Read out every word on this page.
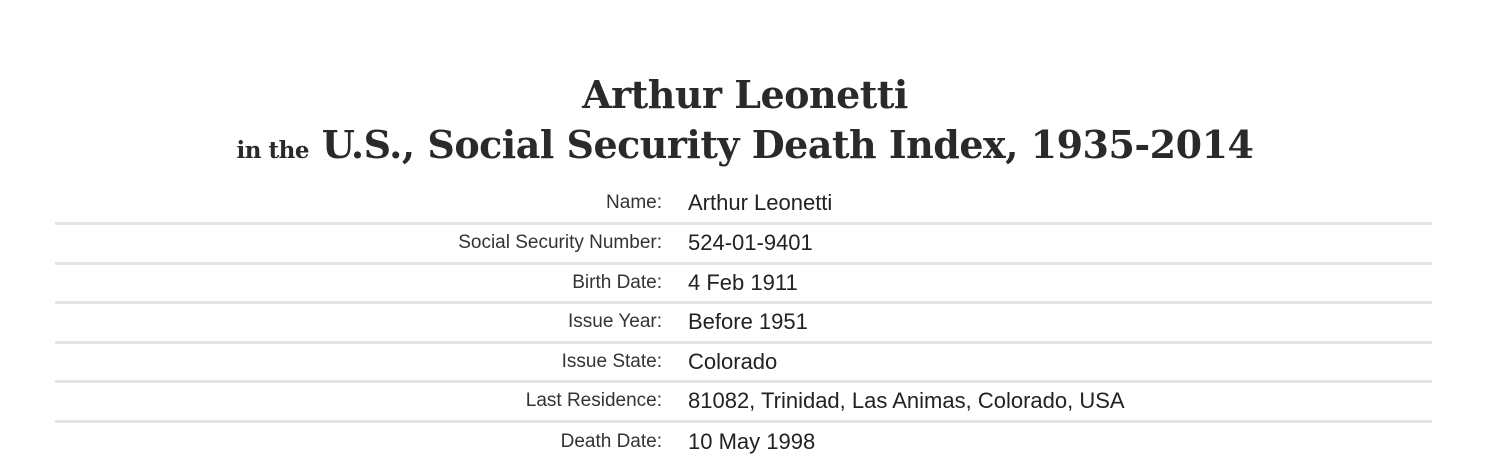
Arthur Leonetti
in the U.S., Social Security Death Index, 1935-2014
Name:	Arthur Leonetti
Social Security Number:	524-01-9401
Birth Date:	4 Feb 1911
Issue Year:	Before 1951
Issue State:	Colorado
Last Residence:	81082, Trinidad, Las Animas, Colorado, USA
Death Date:	10 May 1998
